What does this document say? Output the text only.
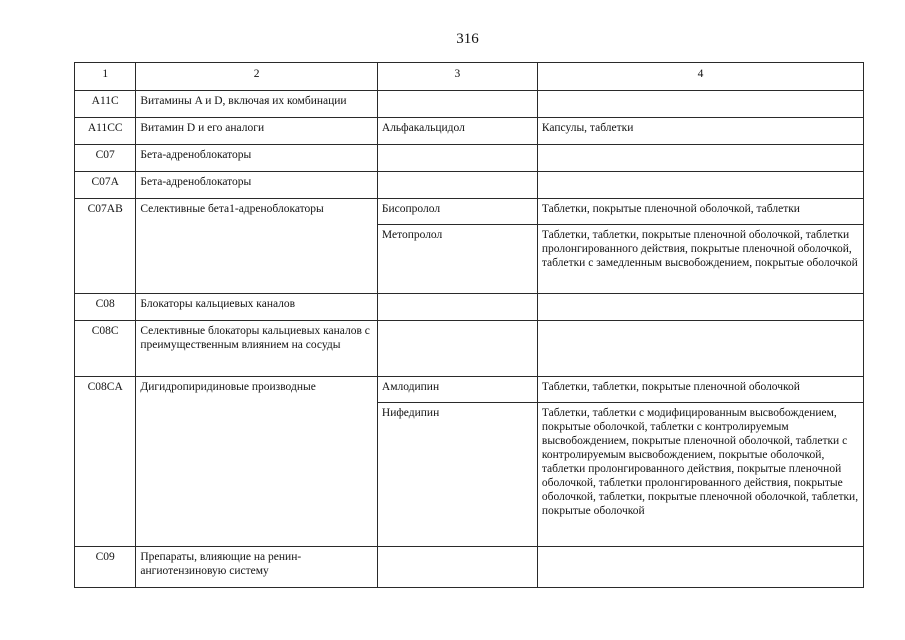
316
1	2	3	4
A11C	Витамины A и D, включая их комбинации		
A11CC	Витамин D и его аналоги	Альфакальцидол	Капсулы, таблетки
C07	Бета-адреноблокаторы		
C07A	Бета-адреноблокаторы		
C07AB	Селективные бета1-адреноблокаторы	Бисопролол	Таблетки, покрытые пленочной оболочкой, таблетки
		Метопролол	Таблетки, таблетки, покрытые пленочной оболочкой, таблетки пролонгированного действия, покрытые пленочной оболочкой, таблетки с замедленным высвобождением, покрытые оболочкой
C08	Блокаторы кальциевых каналов		
C08C	Селективные блокаторы кальциевых каналов с преимущественным влиянием на сосуды		
C08CA	Дигидропиридиновые производные	Амлодипин	Таблетки, таблетки, покрытые пленочной оболочкой
		Нифедипин	Таблетки, таблетки с модифицированным высвобождением, покрытые оболочкой, таблетки с контролируемым высвобождением, покрытые пленочной оболочкой, таблетки с контролируемым высвобождением, покрытые оболочкой, таблетки пролонгированного действия, покрытые пленочной оболочкой, таблетки пролонгированного действия, покрытые оболочкой, таблетки, покрытые пленочной оболочкой, таблетки, покрытые оболочкой
C09	Препараты, влияющие на ренин-ангиотензиновую систему		
